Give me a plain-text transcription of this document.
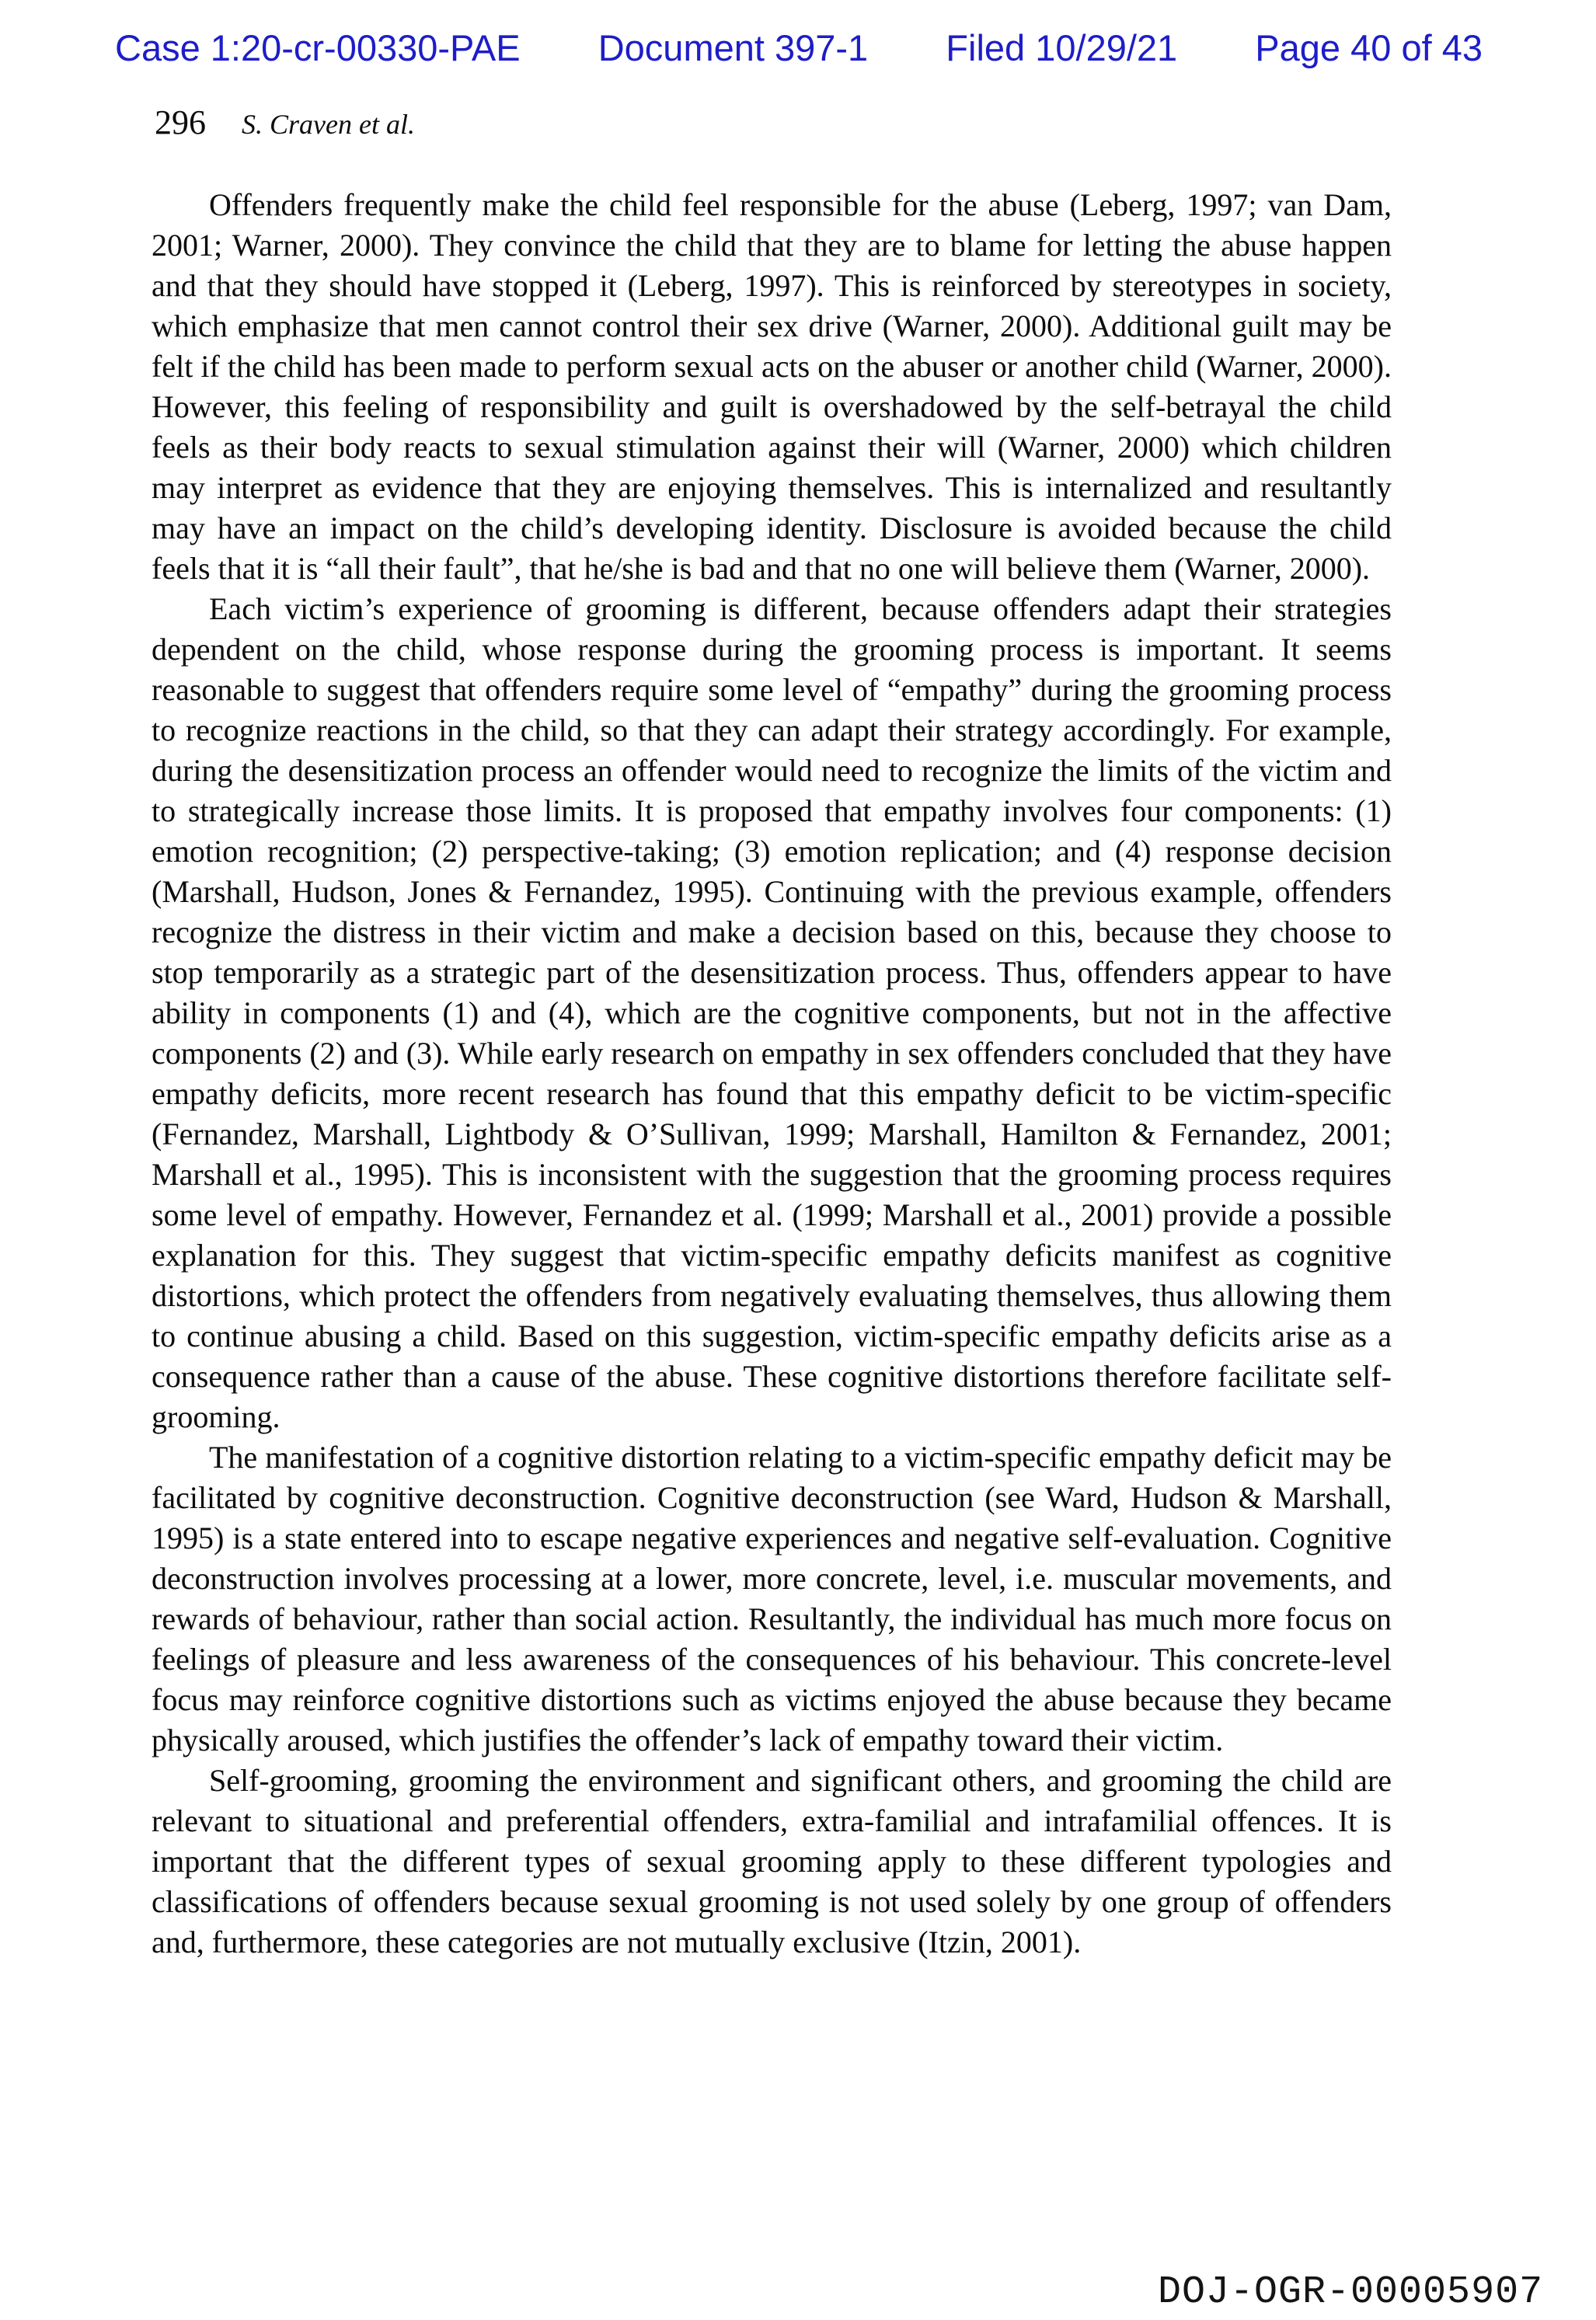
Case 1:20-cr-00330-PAE Document 397-1 Filed 10/29/21 Page 40 of 43
296 S. Craven et al.

Offenders frequently make the child feel responsible for the abuse (Leberg, 1997; van Dam, 2001; Warner, 2000). They convince the child that they are to blame for letting the abuse happen and that they should have stopped it (Leberg, 1997). This is reinforced by stereotypes in society, which emphasize that men cannot control their sex drive (Warner, 2000). Additional guilt may be felt if the child has been made to perform sexual acts on the abuser or another child (Warner, 2000). However, this feeling of responsibility and guilt is overshadowed by the self-betrayal the child feels as their body reacts to sexual stimulation against their will (Warner, 2000) which children may interpret as evidence that they are enjoying themselves. This is internalized and resultantly may have an impact on the child’s developing identity. Disclosure is avoided because the child feels that it is “all their fault”, that he/she is bad and that no one will believe them (Warner, 2000).

Each victim’s experience of grooming is different, because offenders adapt their strategies dependent on the child, whose response during the grooming process is important. It seems reasonable to suggest that offenders require some level of “empathy” during the grooming process to recognize reactions in the child, so that they can adapt their strategy accordingly. For example, during the desensitization process an offender would need to recognize the limits of the victim and to strategically increase those limits. It is proposed that empathy involves four components: (1) emotion recognition; (2) perspective-taking; (3) emotion replication; and (4) response decision (Marshall, Hudson, Jones & Fernandez, 1995). Continuing with the previous example, offenders recognize the distress in their victim and make a decision based on this, because they choose to stop temporarily as a strategic part of the desensitization process. Thus, offenders appear to have ability in components (1) and (4), which are the cognitive components, but not in the affective components (2) and (3). While early research on empathy in sex offenders concluded that they have empathy deficits, more recent research has found that this empathy deficit to be victim-specific (Fernandez, Marshall, Lightbody & O’Sullivan, 1999; Marshall, Hamilton & Fernandez, 2001; Marshall et al., 1995). This is inconsistent with the suggestion that the grooming process requires some level of empathy. However, Fernandez et al. (1999; Marshall et al., 2001) provide a possible explanation for this. They suggest that victim-specific empathy deficits manifest as cognitive distortions, which protect the offenders from negatively evaluating themselves, thus allowing them to continue abusing a child. Based on this suggestion, victim-specific empathy deficits arise as a consequence rather than a cause of the abuse. These cognitive distortions therefore facilitate self-grooming.

The manifestation of a cognitive distortion relating to a victim-specific empathy deficit may be facilitated by cognitive deconstruction. Cognitive deconstruction (see Ward, Hudson & Marshall, 1995) is a state entered into to escape negative experiences and negative self-evaluation. Cognitive deconstruction involves processing at a lower, more concrete, level, i.e. muscular movements, and rewards of behaviour, rather than social action. Resultantly, the individual has much more focus on feelings of pleasure and less awareness of the consequences of his behaviour. This concrete-level focus may reinforce cognitive distortions such as victims enjoyed the abuse because they became physically aroused, which justifies the offender’s lack of empathy toward their victim.

Self-grooming, grooming the environment and significant others, and grooming the child are relevant to situational and preferential offenders, extra-familial and intrafamilial offences. It is important that the different types of sexual grooming apply to these different typologies and classifications of offenders because sexual grooming is not used solely by one group of offenders and, furthermore, these categories are not mutually exclusive (Itzin, 2001).

DOJ-OGR-00005907
